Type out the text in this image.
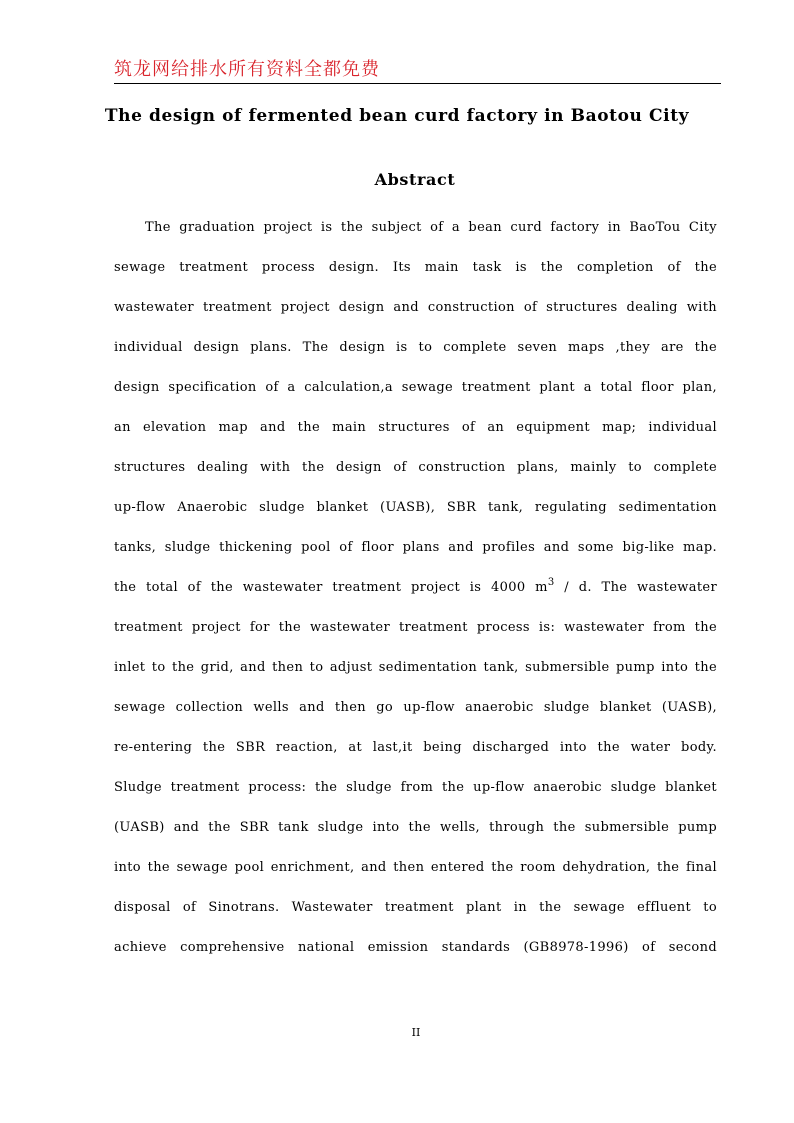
筑龙网给排水所有资料全都免费
The design of fermented bean curd factory in Baotou City
Abstract
The graduation project is the subject of a bean curd factory in BaoTou City
sewage treatment process design. Its main task is the completion of the
wastewater treatment project design and construction of structures dealing with
individual design plans. The design is to complete seven maps ,they are the
design specification of a calculation,a sewage treatment plant a total floor plan,
an elevation map and the main structures of an equipment map; individual
structures dealing with the design of construction plans, mainly to complete
up-flow Anaerobic sludge blanket (UASB), SBR tank, regulating sedimentation
tanks, sludge thickening pool of floor plans and profiles and some big-like map.
the total of the wastewater treatment project is 4000 $m^3$ / d. The wastewater
treatment project for the wastewater treatment process is: wastewater from the
inlet to the grid, and then to adjust sedimentation tank, submersible pump into the
sewage collection wells and then go up-flow anaerobic sludge blanket (UASB),
re-entering the SBR reaction, at last,it being discharged into the water body.
Sludge treatment process: the sludge from the up-flow anaerobic sludge blanket
(UASB) and the SBR tank sludge into the wells, through the submersible pump
into the sewage pool enrichment, and then entered the room dehydration, the final
disposal of Sinotrans. Wastewater treatment plant in the sewage effluent to
achieve comprehensive national emission standards (GB8978-1996) of second
II
